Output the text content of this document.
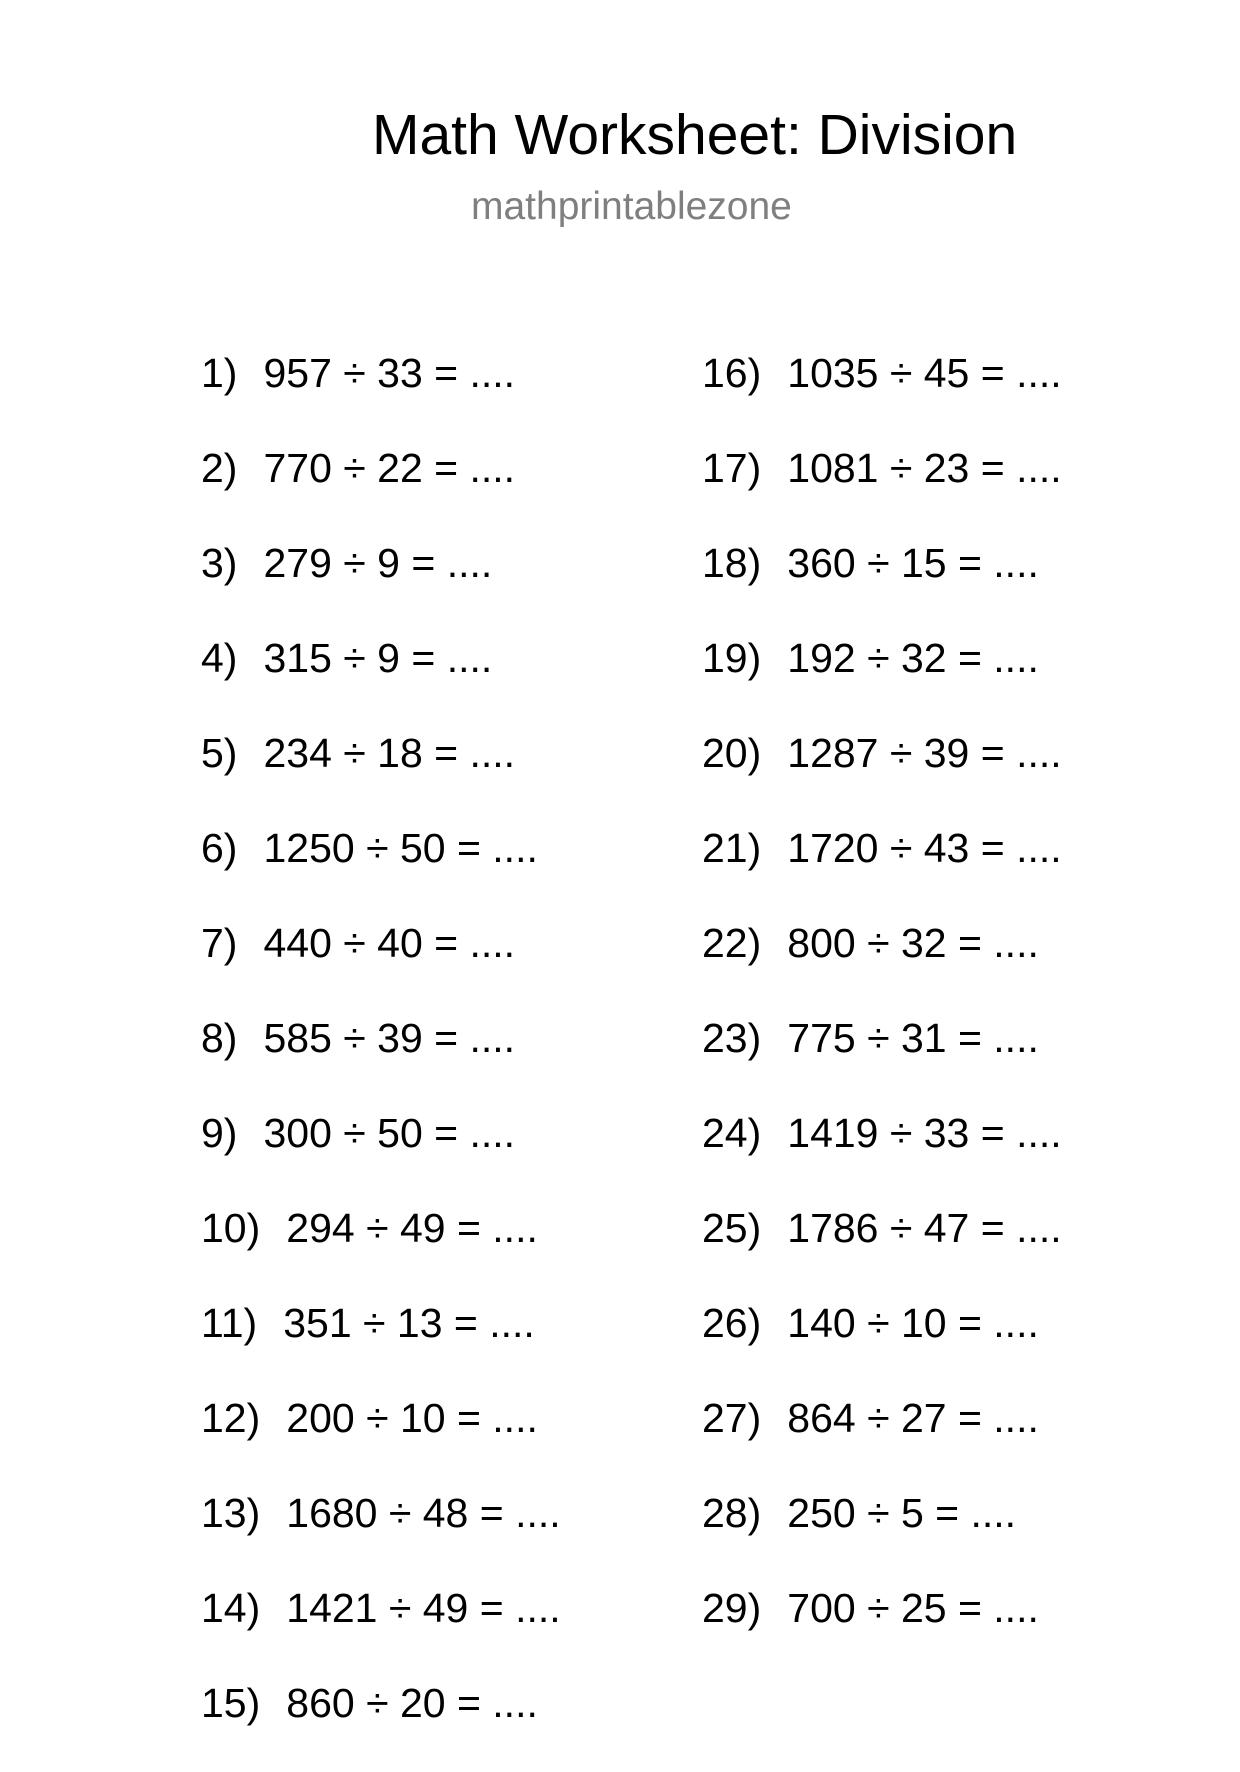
Math Worksheet: Division
mathprintablezone
1) 957 ÷ 33 = ....
2) 770 ÷ 22 = ....
3) 279 ÷ 9 = ....
4) 315 ÷ 9 = ....
5) 234 ÷ 18 = ....
6) 1250 ÷ 50 = ....
7) 440 ÷ 40 = ....
8) 585 ÷ 39 = ....
9) 300 ÷ 50 = ....
10) 294 ÷ 49 = ....
11) 351 ÷ 13 = ....
12) 200 ÷ 10 = ....
13) 1680 ÷ 48 = ....
14) 1421 ÷ 49 = ....
15) 860 ÷ 20 = ....
16) 1035 ÷ 45 = ....
17) 1081 ÷ 23 = ....
18) 360 ÷ 15 = ....
19) 192 ÷ 32 = ....
20) 1287 ÷ 39 = ....
21) 1720 ÷ 43 = ....
22) 800 ÷ 32 = ....
23) 775 ÷ 31 = ....
24) 1419 ÷ 33 = ....
25) 1786 ÷ 47 = ....
26) 140 ÷ 10 = ....
27) 864 ÷ 27 = ....
28) 250 ÷ 5 = ....
29) 700 ÷ 25 = ....
